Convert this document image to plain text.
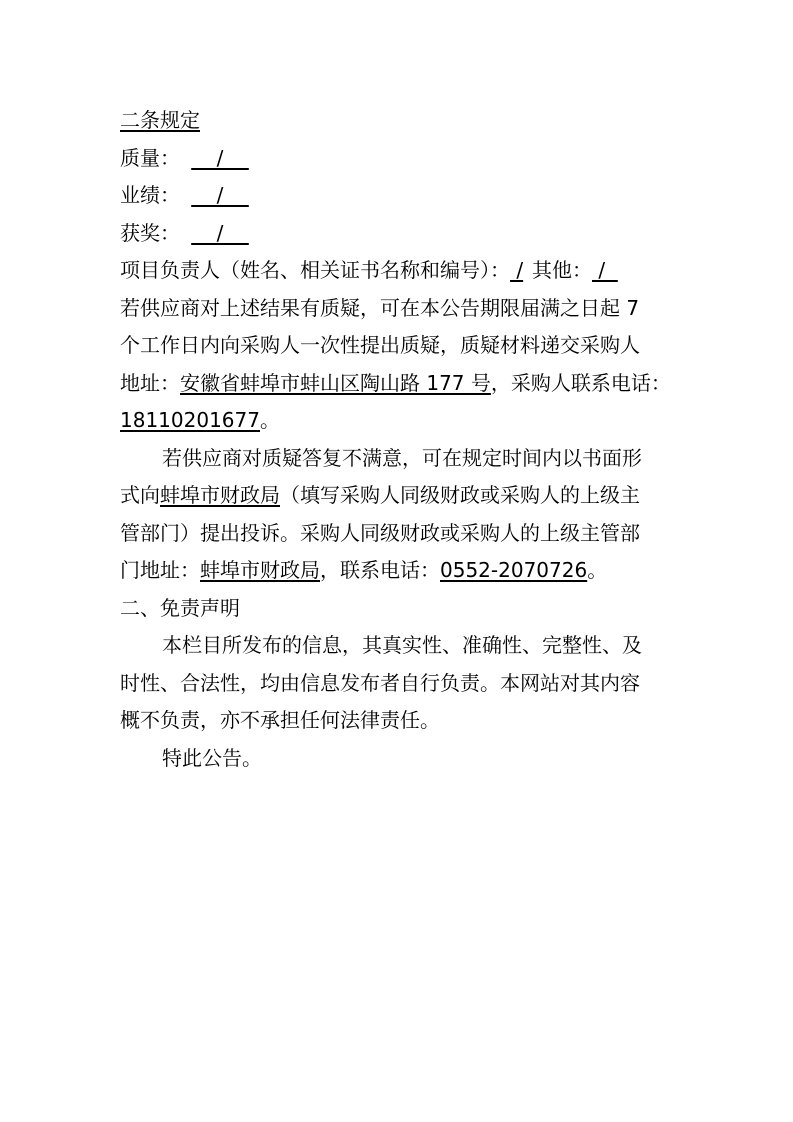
二条规定
质量：    /
业绩：    /
获奖：    /
项目负责人（姓名、相关证书名称和编号）： / 其他： /
若供应商对上述结果有质疑，可在本公告期限届满之日起 7
个工作日内向采购人一次性提出质疑，质疑材料递交采购人
地址：安徽省蚌埠市蚌山区陶山路 177 号，采购人联系电话：
18110201677。
若供应商对质疑答复不满意，可在规定时间内以书面形
式向蚌埠市财政局（填写采购人同级财政或采购人的上级主
管部门）提出投诉。采购人同级财政或采购人的上级主管部
门地址：蚌埠市财政局，联系电话：0552-2070726。
二、免责声明
本栏目所发布的信息，其真实性、准确性、完整性、及
时性、合法性，均由信息发布者自行负责。本网站对其内容
概不负责，亦不承担任何法律责任。
特此公告。
